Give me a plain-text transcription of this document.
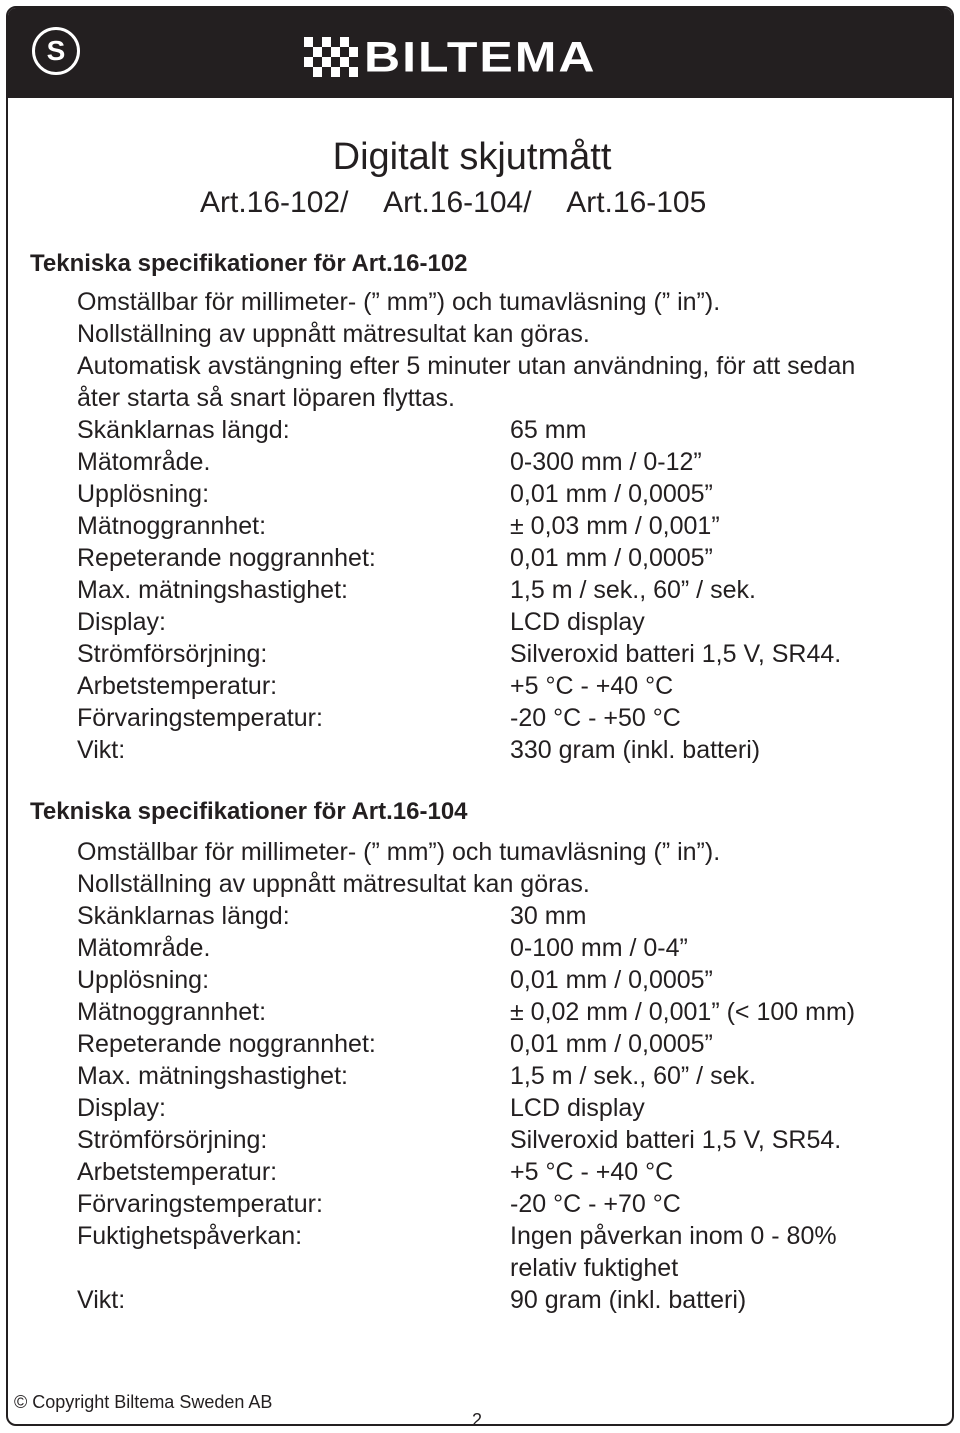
S	BILTEMA
Digitalt skjutmått
Art.16-102/ Art.16-104/ Art.16-105
Tekniska specifikationer för Art.16-102
Omställbar för millimeter- (” mm”) och tumavläsning (” in”).
Nollställning av uppnått mätresultat kan göras.
Automatisk avstängning efter 5 minuter utan användning, för att sedan
åter starta så snart löparen flyttas.
Skänklarnas längd:	65 mm
Mätområde.	0-300 mm / 0-12”
Upplösning:	0,01 mm / 0,0005”
Mätnoggrannhet:	± 0,03 mm / 0,001”
Repeterande noggrannhet:	0,01 mm / 0,0005”
Max. mätningshastighet:	1,5 m / sek., 60” / sek.
Display:	LCD display
Strömförsörjning:	Silveroxid batteri 1,5 V, SR44.
Arbetstemperatur:	+5 °C - +40 °C
Förvaringstemperatur:	-20 °C - +50 °C
Vikt:	330 gram (inkl. batteri)
Tekniska specifikationer för Art.16-104
Omställbar för millimeter- (” mm”) och tumavläsning (” in”).
Nollställning av uppnått mätresultat kan göras.
Skänklarnas längd:	30 mm
Mätområde.	0-100 mm / 0-4”
Upplösning:	0,01 mm / 0,0005”
Mätnoggrannhet:	± 0,02 mm / 0,001” (< 100 mm)
Repeterande noggrannhet:	0,01 mm / 0,0005”
Max. mätningshastighet:	1,5 m / sek., 60” / sek.
Display:	LCD display
Strömförsörjning:	Silveroxid batteri 1,5 V, SR54.
Arbetstemperatur:	+5 °C - +40 °C
Förvaringstemperatur:	-20 °C - +70 °C
Fuktighetspåverkan:	Ingen påverkan inom 0 - 80%
relativ fuktighet
Vikt:	90 gram (inkl. batteri)
© Copyright Biltema Sweden AB
2
